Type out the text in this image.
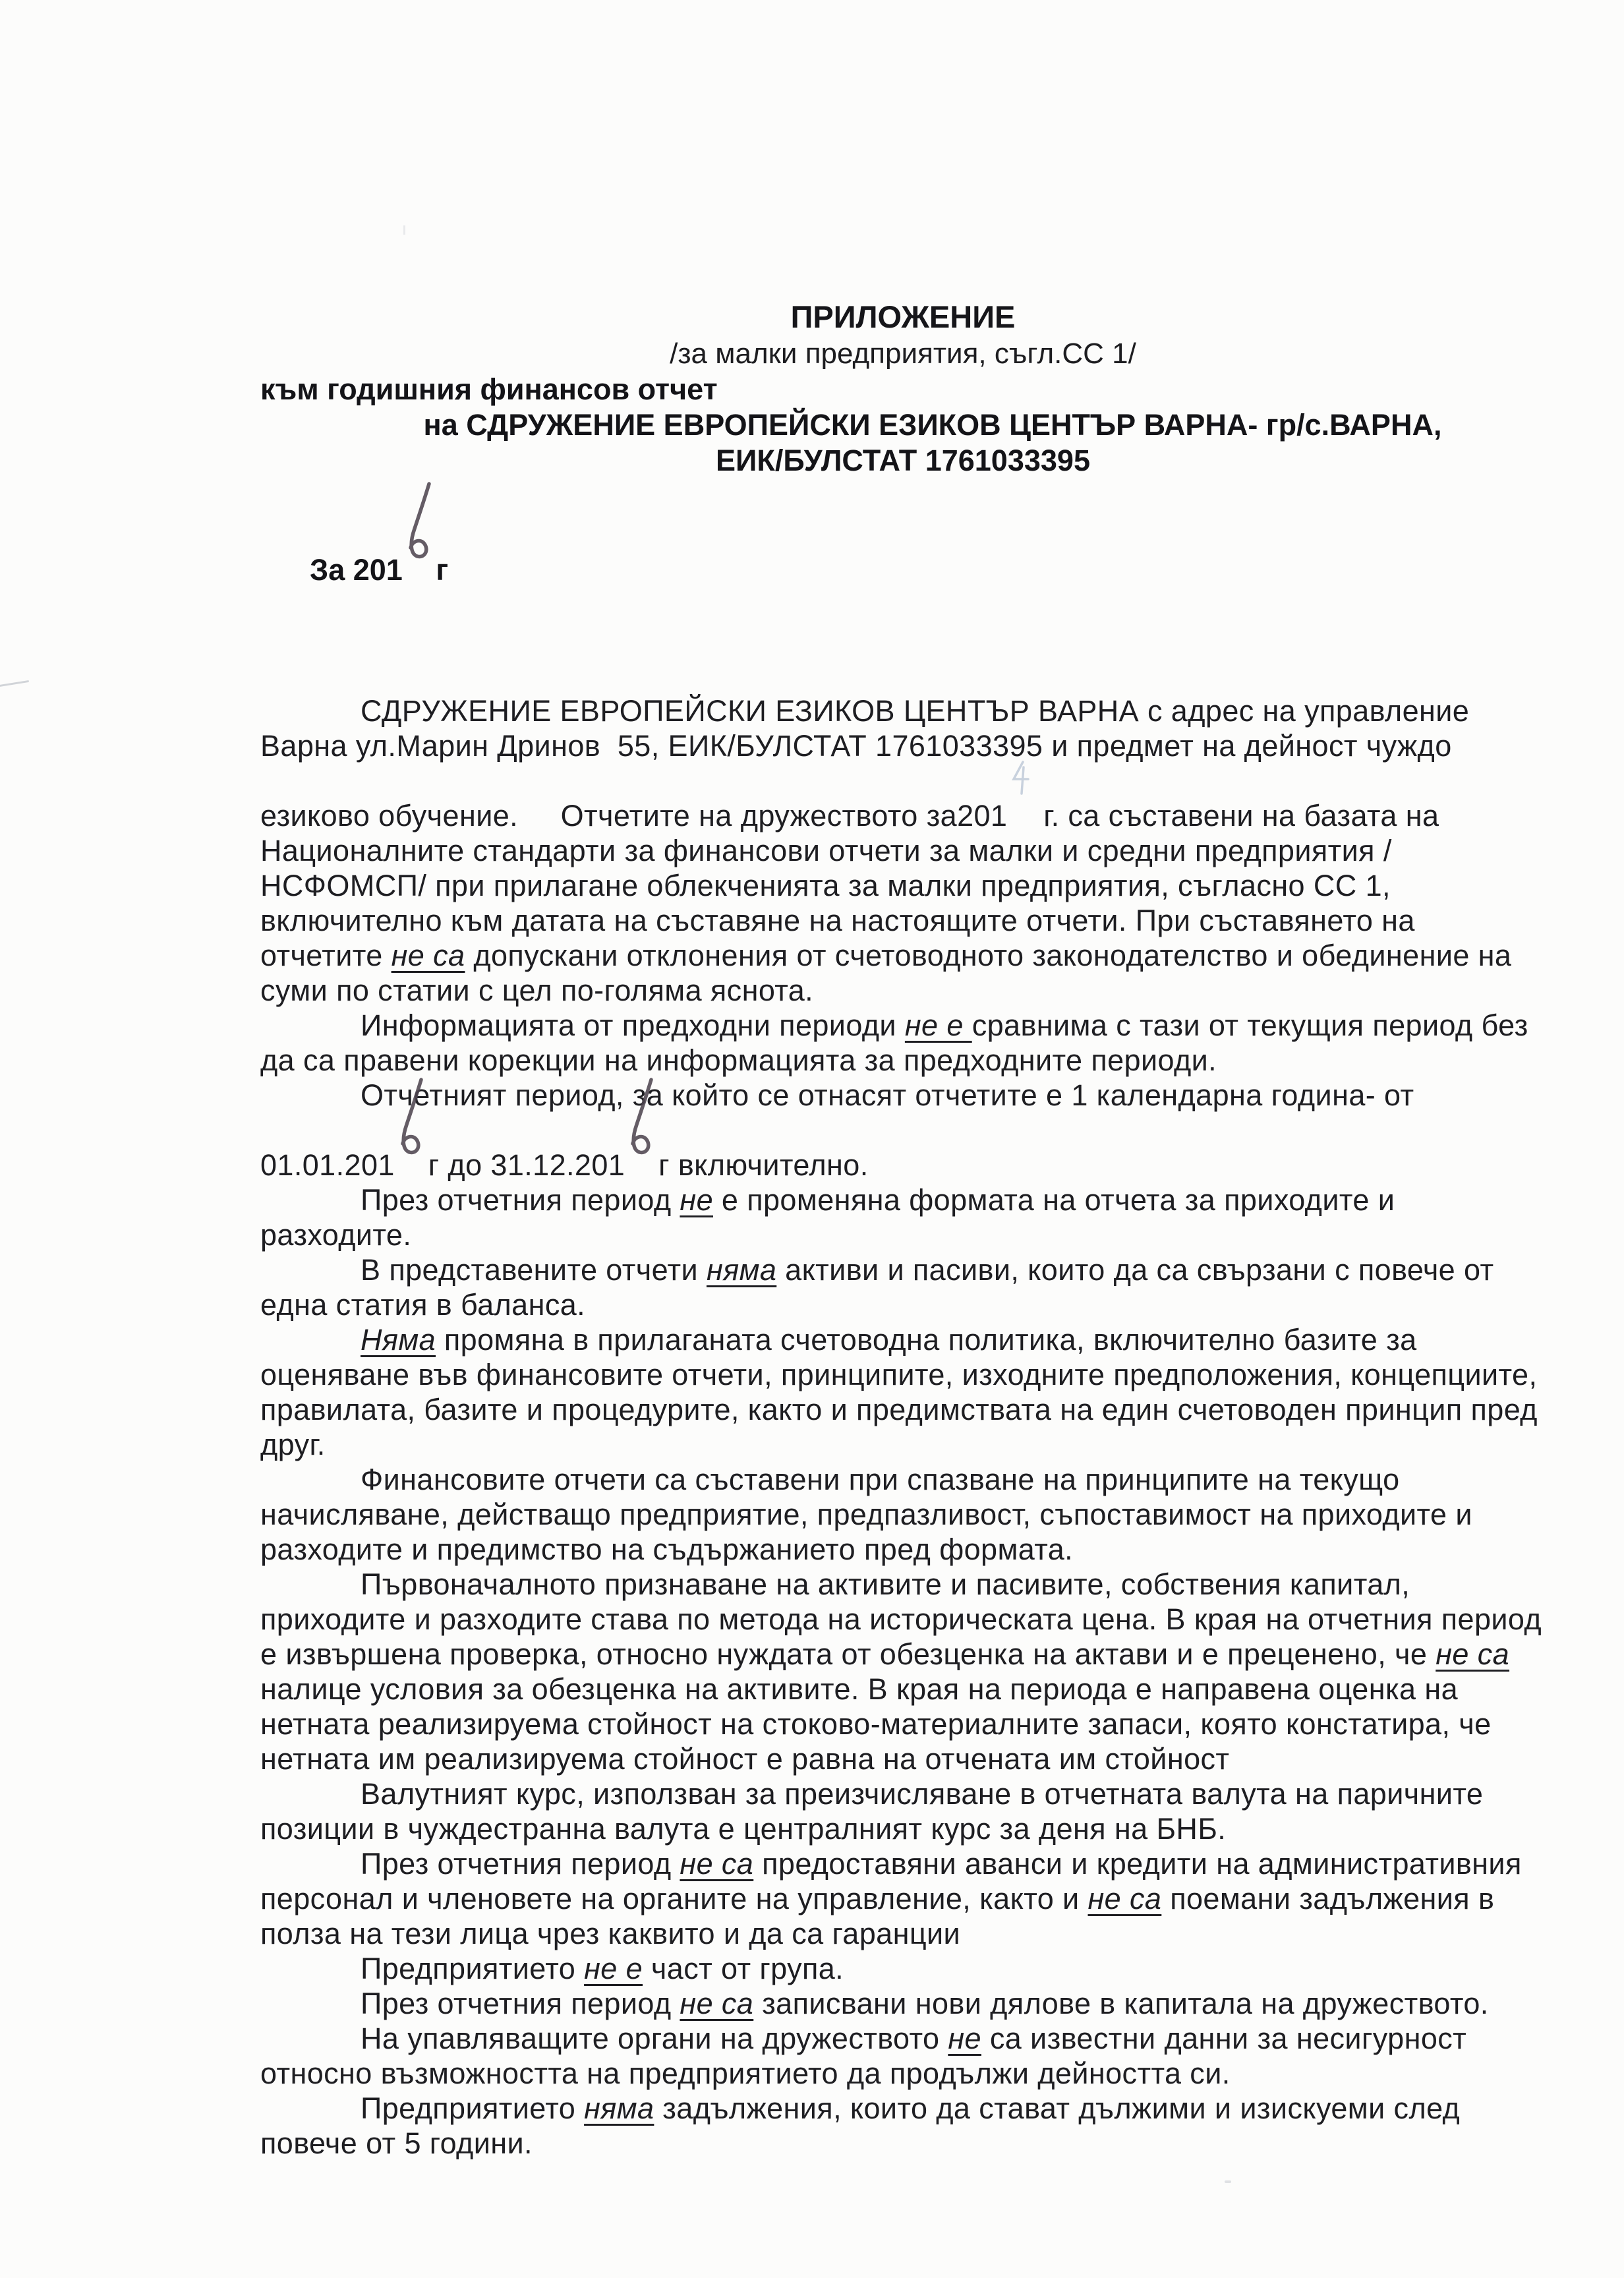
ПРИЛОЖЕНИЕ
/за малки предприятия, съгл.СС 1/
към годишния финансов отчет
на СДРУЖЕНИЕ ЕВРОПЕЙСКИ ЕЗИКОВ ЦЕНТЪР ВАРНА- гр/с.ВАРНА,
ЕИК/БУЛСТАТ 1761033395

За 201

г

СДРУЖЕНИЕ ЕВРОПЕЙСКИ ЕЗИКОВ ЦЕНТЪР ВАРНА с адрес на управление Варна ул.Марин Дринов  55, ЕИК/БУЛСТАТ 1761033395 и предмет на дейност чуждо езиково обучение.     Отчетите на дружеството за201

г. са съставени на базата на Националните стандарти за финансови отчети за малки и средни предприятия /НСФОМСП/ при прилагане облекченията за малки предприятия, съгласно СС 1, включително към датата на съставяне на настоящите отчети. При съставянето на отчетите не са допускани отклонения от счетоводното законодателство и обединение на суми по статии с цел по-голяма яснота.

Информацията от предходни периоди не е сравнима с тази от текущия период без да са правени корекции на информацията за предходните периоди.

Отчетният период, за който се отнасят отчетите е 1 календарна година- от 01.01.201

г до 31.12.201

г включително.

През отчетния период не е променяна формата на отчета за приходите и разходите.

В представените отчети няма активи и пасиви, които да са свързани с повече от една статия в баланса.

Няма промяна в прилаганата счетоводна политика, включително базите за оценяване във финансовите отчети, принципите, изходните предположения, концепциите, правилата, базите и процедурите, както и предимствата на един счетоводен принцип пред друг.

Финансовите отчети са съставени при спазване на принципите на текущо начисляване, действащо предприятие, предпазливост, съпоставимост на приходите и разходите и предимство на съдържанието пред формата.

Първоначалното признаване на активите и пасивите, собствения капитал, приходите и разходите става по метода на историческата цена. В края на отчетния период е извършена проверка, относно нуждата от обезценка на актави и е преценено, че не са налице условия за обезценка на активите. В края на периода е направена оценка на нетната реализируема стойност на стоково-материалните запаси, която констатира, че нетната им реализируема стойност е равна на отчената им стойност

Валутният курс, използван за преизчисляване в отчетната валута на паричните позиции в чуждестранна валута е централният курс за деня на БНБ.

През отчетния период не са предоставяни аванси и кредити на административния персонал и членовете на органите на управление, както и не са поемани задължения в полза на тези лица чрез каквито и да са гаранции

Предприятието не е част от група.

През отчетния период не са записвани нови дялове в капитала на дружеството.

На упавляващите органи на дружеството не са известни данни за несигурност относно възможността на предприятието да продължи дейността си.

Предприятието няма задължения, които да стават дължими и изискуеми след повече от 5 години.
